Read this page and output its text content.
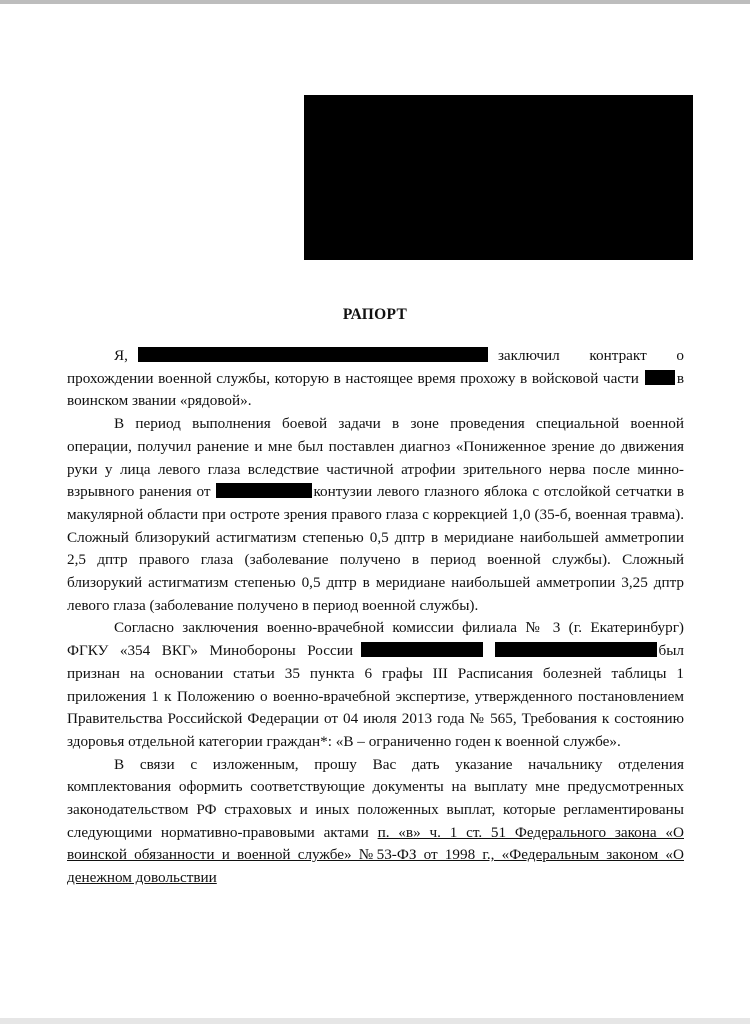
РАПОРТ

Я,	заключил контракт о прохождении военной службы, которую в настоящее время прохожу в войсковой части	в воинском звании «рядовой».

В период выполнения боевой задачи в зоне проведения специальной военной операции, получил ранение и мне был поставлен диагноз «Пониженное зрение до движения руки у лица левого глаза вследствие частичной атрофии зрительного нерва после минно-взрывного ранения от	контузии левого глазного яблока с отслойкой сетчатки в макулярной области при остроте зрения правого глаза с коррекцией 1,0 (35-б, военная травма). Сложный близорукий астигматизм степенью 0,5 дптр в меридиане наибольшей амметропии 2,5 дптр правого глаза (заболевание получено в период военной службы). Сложный близорукий астигматизм степенью 0,5 дптр в меридиане наибольшей амметропии 3,25 дптр левого глаза (заболевание получено в период военной службы).

Согласно заключения военно-врачебной комиссии филиала № 3 (г. Екатеринбург) ФГКУ «354 ВКГ» Минобороны России	был признан на основании статьи 35 пункта 6 графы III Расписания болезней таблицы 1 приложения 1 к Положению о военно-врачебной экспертизе, утвержденного постановлением Правительства Российской Федерации от 04 июля 2013 года № 565, Требования к состоянию здоровья отдельной категории граждан*: «В – ограниченно годен к военной службе».

В связи с изложенным, прошу Вас дать указание начальнику отделения комплектования оформить соответствующие документы на выплату мне предусмотренных законодательством РФ страховых и иных положенных выплат, которые регламентированы следующими нормативно-правовыми актами п. «в» ч. 1 ст. 51 Федерального закона «О воинской обязанности и военной службе» №53-ФЗ от 1998 г., «Федеральным законом «О денежном довольствии
